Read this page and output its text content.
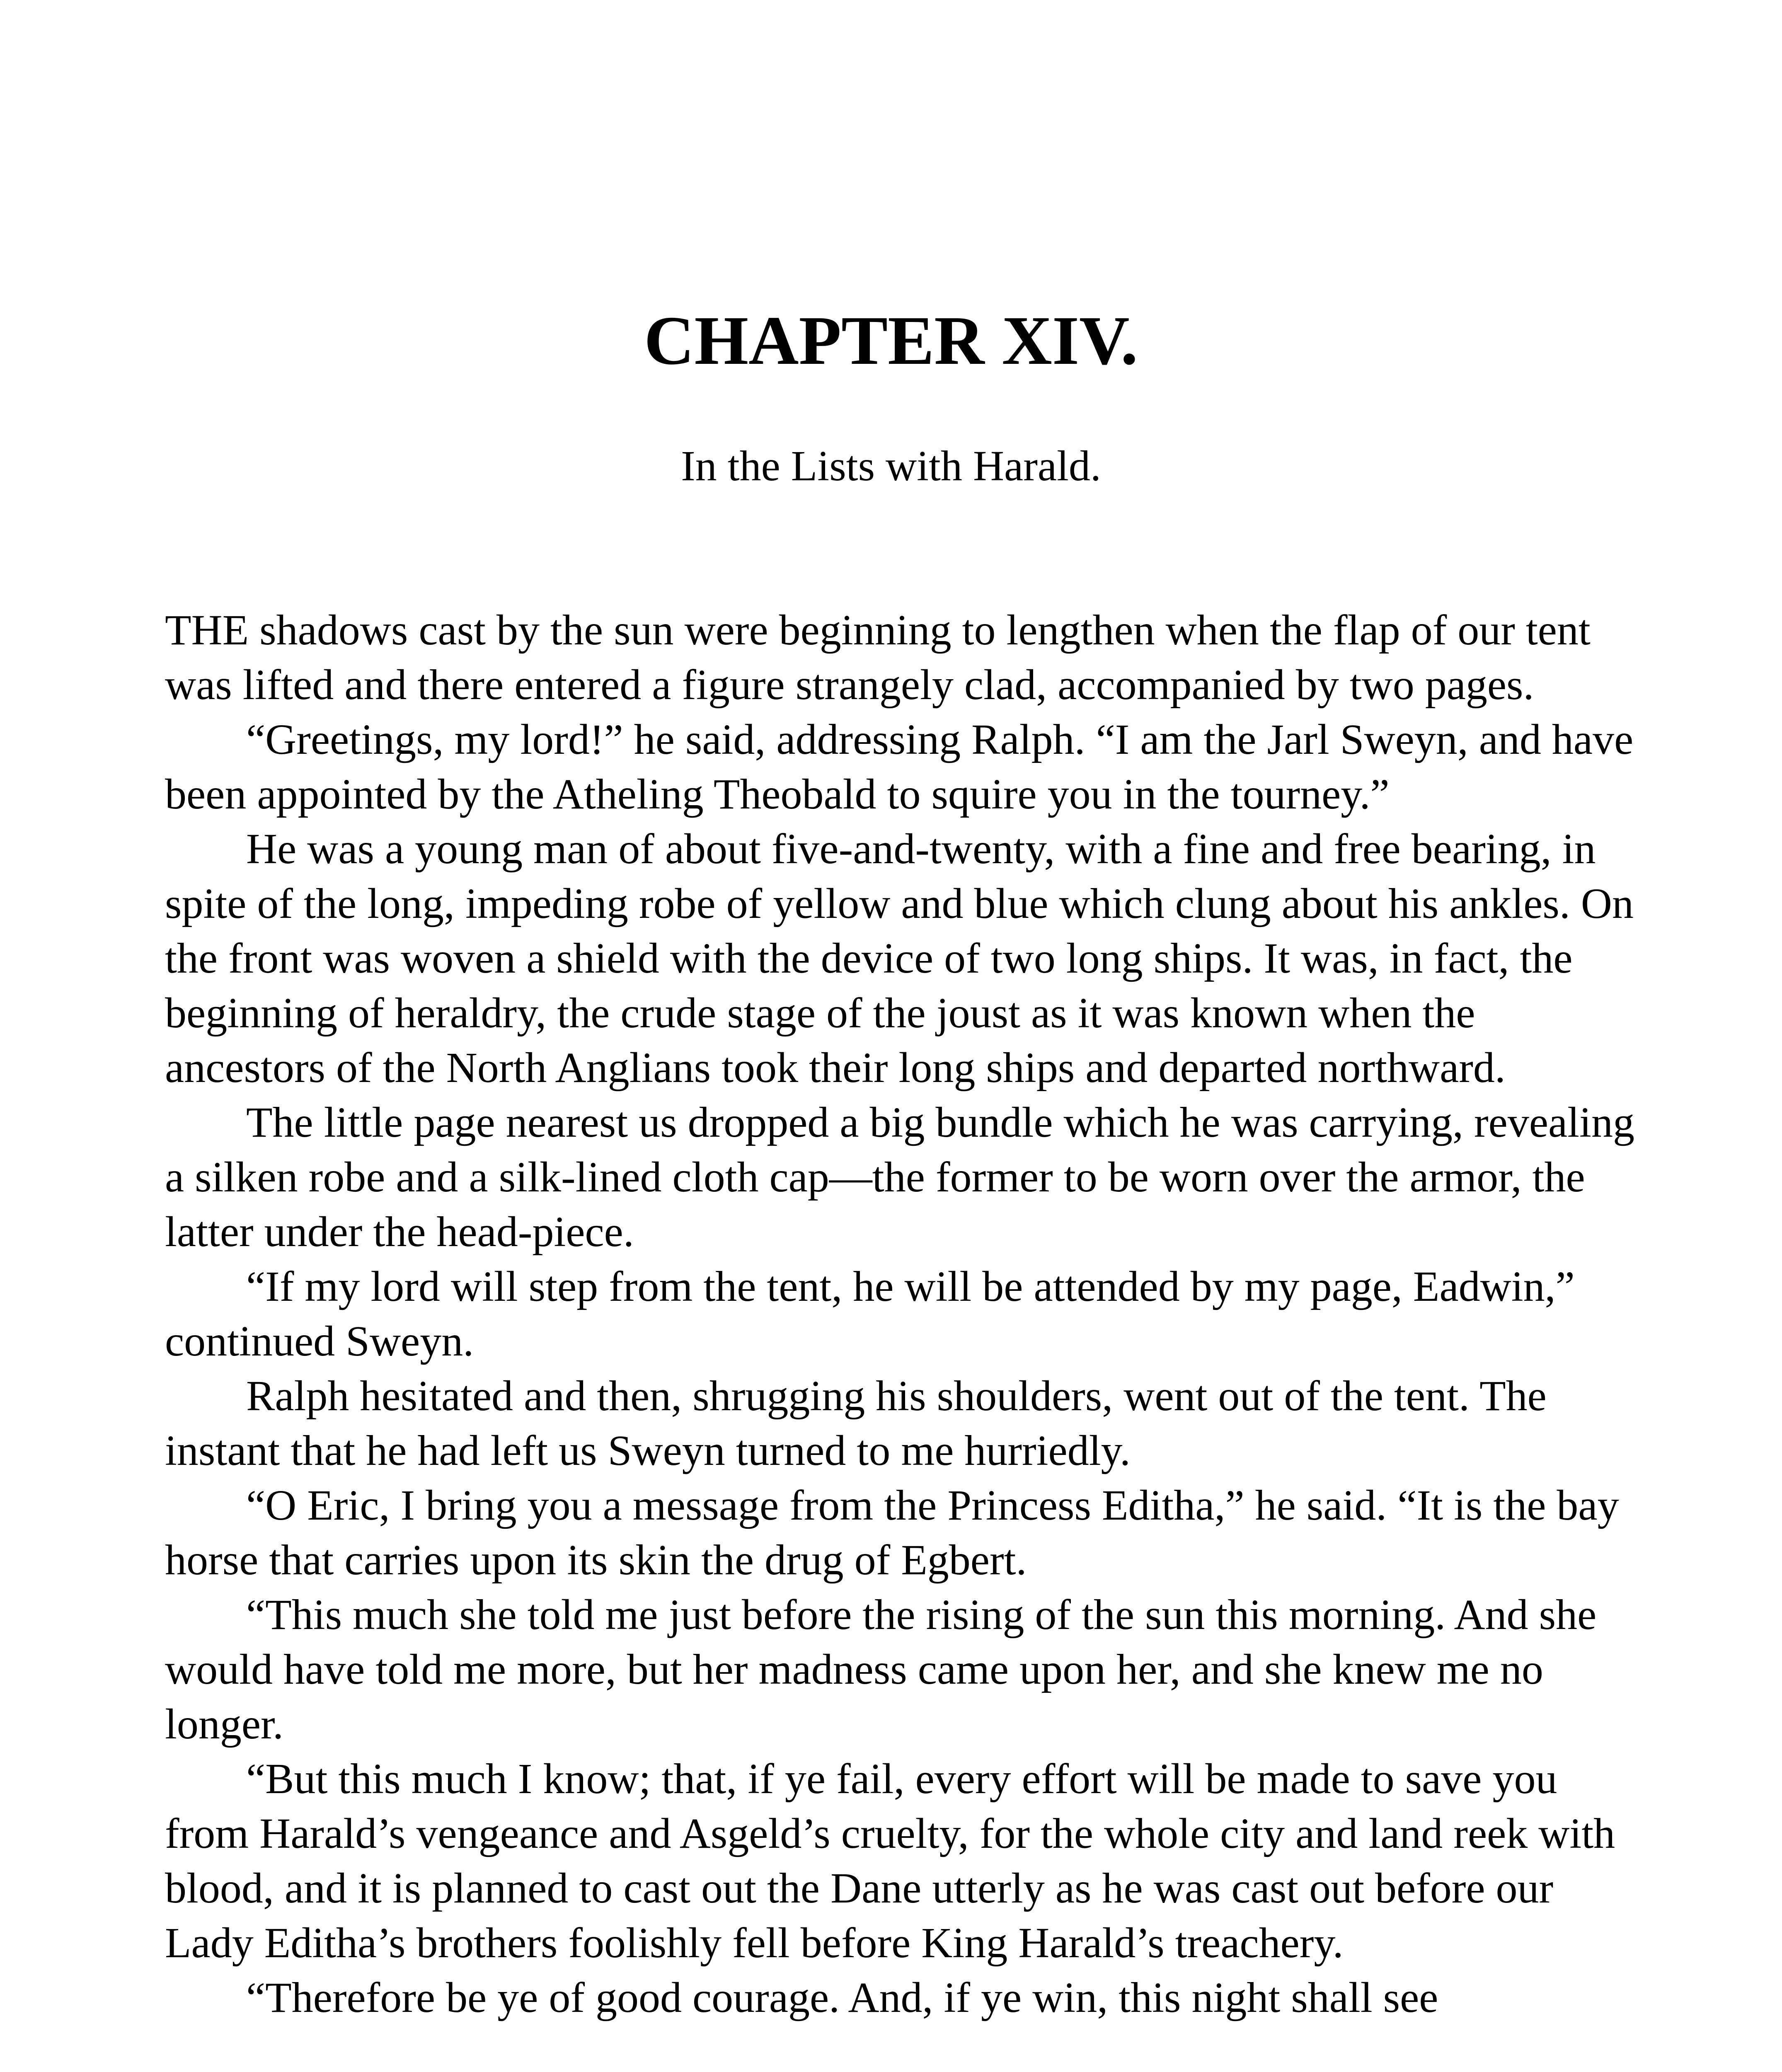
CHAPTER XIV.
In the Lists with Harald.

THE shadows cast by the sun were beginning to lengthen when the flap of our tent was lifted and there entered a figure strangely clad, accompanied by two pages.

“Greetings, my lord!” he said, addressing Ralph. “I am the Jarl Sweyn, and have been appointed by the Atheling Theobald to squire you in the tourney.”

He was a young man of about five-and-twenty, with a fine and free bearing, in spite of the long, impeding robe of yellow and blue which clung about his ankles. On the front was woven a shield with the device of two long ships. It was, in fact, the beginning of heraldry, the crude stage of the joust as it was known when the ancestors of the North Anglians took their long ships and departed northward.

The little page nearest us dropped a big bundle which he was carrying, revealing a silken robe and a silk-lined cloth cap—the former to be worn over the armor, the latter under the head-piece.

“If my lord will step from the tent, he will be attended by my page, Eadwin,” continued Sweyn.

Ralph hesitated and then, shrugging his shoulders, went out of the tent. The instant that he had left us Sweyn turned to me hurriedly.

“O Eric, I bring you a message from the Princess Editha,” he said. “It is the bay horse that carries upon its skin the drug of Egbert.

“This much she told me just before the rising of the sun this morning. And she would have told me more, but her madness came upon her, and she knew me no longer.

“But this much I know; that, if ye fail, every effort will be made to save you from Harald’s vengeance and Asgeld’s cruelty, for the whole city and land reek with blood, and it is planned to cast out the Dane utterly as he was cast out before our Lady Editha’s brothers foolishly fell before King Harald’s treachery.

“Therefore be ye of good courage. And, if ye win, this night shall see
